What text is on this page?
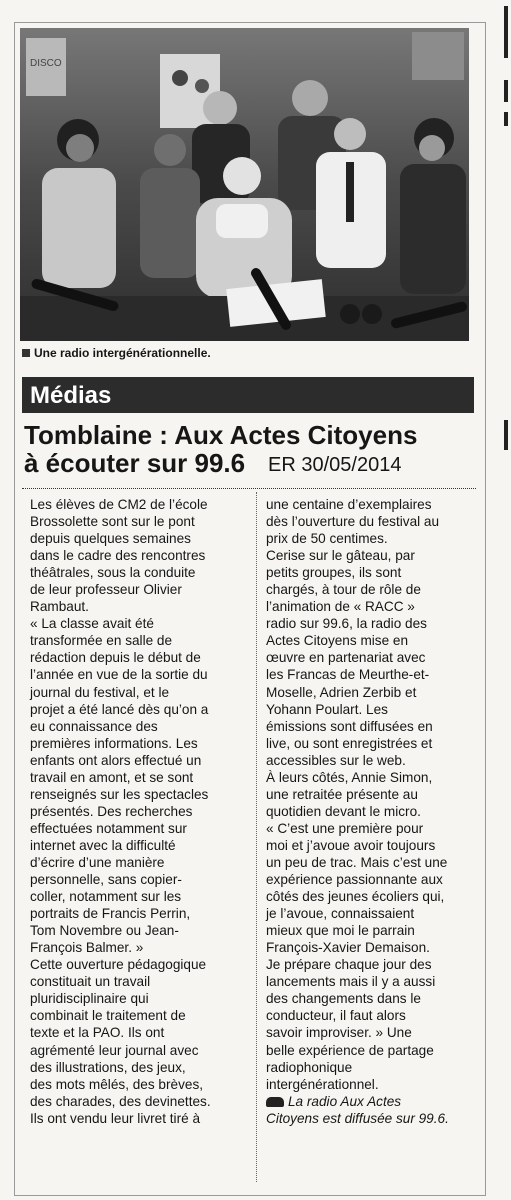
DISCO
Une radio intergénérationnelle.
Médias
Tomblaine : Aux Actes Citoyens
à écouter sur 99.6	ER 30/05/2014
Les élèves de CM2 de l’école
Brossolette sont sur le pont
depuis quelques semaines
dans le cadre des rencontres
théâtrales, sous la conduite
de leur professeur Olivier
Rambaut.
« La classe avait été
transformée en salle de
rédaction depuis le début de
l’année en vue de la sortie du
journal du festival, et le
projet a été lancé dès qu’on a
eu connaissance des
premières informations. Les
enfants ont alors effectué un
travail en amont, et se sont
renseignés sur les spectacles
présentés. Des recherches
effectuées notamment sur
internet avec la difficulté
d’écrire d’une manière
personnelle, sans copier-
coller, notamment sur les
portraits de Francis Perrin,
Tom Novembre ou Jean-
François Balmer. »
Cette ouverture pédagogique
constituait un travail
pluridisciplinaire qui
combinait le traitement de
texte et la PAO. Ils ont
agrémenté leur journal avec
des illustrations, des jeux,
des mots mêlés, des brèves,
des charades, des devinettes.
Ils ont vendu leur livret tiré à
une centaine d’exemplaires
dès l’ouverture du festival au
prix de 50 centimes.
Cerise sur le gâteau, par
petits groupes, ils sont
chargés, à tour de rôle de
l’animation de « RACC »
radio sur 99.6, la radio des
Actes Citoyens mise en
œuvre en partenariat avec
les Francas de Meurthe-et-
Moselle, Adrien Zerbib et
Yohann Poulart. Les
émissions sont diffusées en
live, ou sont enregistrées et
accessibles sur le web.
À leurs côtés, Annie Simon,
une retraitée présente au
quotidien devant le micro.
« C’est une première pour
moi et j’avoue avoir toujours
un peu de trac. Mais c’est une
expérience passionnante aux
côtés des jeunes écoliers qui,
je l’avoue, connaissaient
mieux que moi le parrain
François-Xavier Demaison.
Je prépare chaque jour des
lancements mais il y a aussi
des changements dans le
conducteur, il faut alors
savoir improviser. » Une
belle expérience de partage
radiophonique
intergénérationnel.
La radio Aux Actes
Citoyens est diffusée sur 99.6.
